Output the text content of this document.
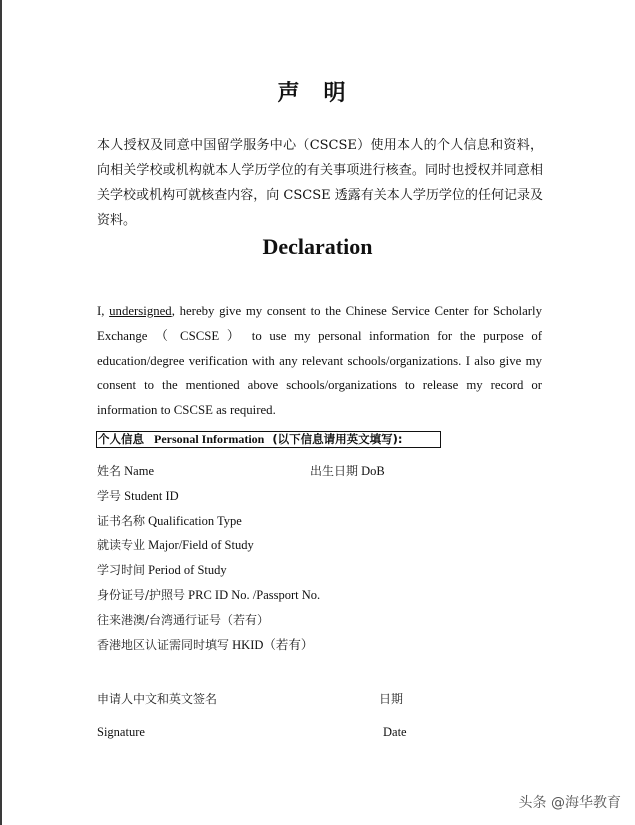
声明
本人授权及同意中国留学服务中心（CSCSE）使用本人的个人信息和资料，向相关学校或机构就本人学历学位的有关事项进行核查。同时也授权并同意相关学校或机构可就核查内容，向 CSCSE 透露有关本人学历学位的任何记录及资料。
Declaration
I, undersigned, hereby give my consent to the Chinese Service Center for Scholarly Exchange （ CSCSE ） to use my personal information for the purpose of education/degree verification with any relevant schools/organizations. I also give my consent to the mentioned above schools/organizations to release my record or information to CSCSE as required.
个人信息 Personal Information (以下信息请用英文填写):
姓名 Name	出生日期 DoB
学号 Student ID
证书名称 Qualification Type
就读专业 Major/Field of Study
学习时间 Period of Study
身份证号/护照号 PRC ID No. /Passport No.
往来港澳/台湾通行证号（若有）
香港地区认证需同时填写 HKID（若有）
申请人中文和英文签名	日期
Signature	Date
头条 @海华教育
